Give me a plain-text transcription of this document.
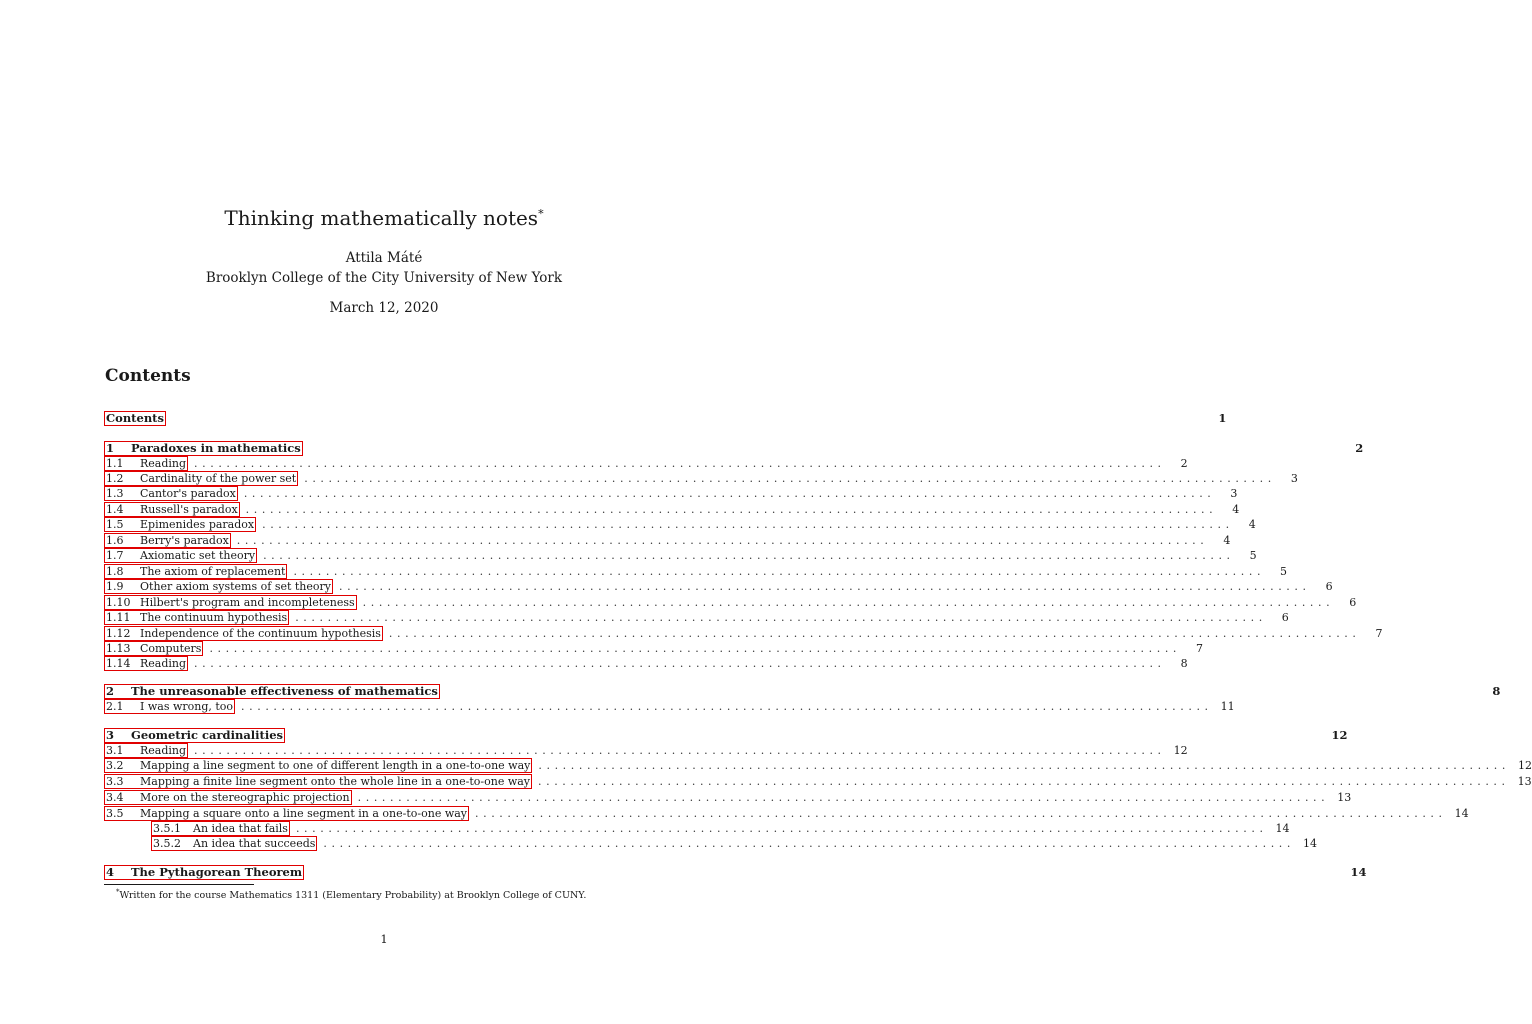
Thinking mathematically notes*
Attila Máté
Brooklyn College of the City University of New York
March 12, 2020
Contents
Contents	1
1	Paradoxes in mathematics	2
1.1	Reading ........................................................................................................................	2
1.2	Cardinality of the power set ........................................................................................................................	3
1.3	Cantor's paradox ........................................................................................................................	3
1.4	Russell's paradox ........................................................................................................................	4
1.5	Epimenides paradox ........................................................................................................................	4
1.6	Berry's paradox ........................................................................................................................	4
1.7	Axiomatic set theory ........................................................................................................................	5
1.8	The axiom of replacement ........................................................................................................................	5
1.9	Other axiom systems of set theory ........................................................................................................................	6
1.10 Hilbert's program and incompleteness ........................................................................................................................	6
1.11 The continuum hypothesis ........................................................................................................................	6
1.12 Independence of the continuum hypothesis ........................................................................................................................	7
1.13 Computers ........................................................................................................................	7
1.14 Reading ........................................................................................................................	8
2	The unreasonable effectiveness of mathematics	8
2.1	I was wrong, too ........................................................................................................................ 11
3	Geometric cardinalities	12
3.1	Reading ........................................................................................................................ 12
3.2	Mapping a line segment to one of different length in a one-to-one way ........................................................................................................................ 12
3.3	Mapping a finite line segment onto the whole line in a one-to-one way ........................................................................................................................ 13
3.4	More on the stereographic projection ........................................................................................................................ 13
3.5	Mapping a square onto a line segment in a one-to-one way ........................................................................................................................ 14
3.5.1	An idea that fails ........................................................................................................................ 14
3.5.2	An idea that succeeds ........................................................................................................................ 14
4	The Pythagorean Theorem	14
*Written for the course Mathematics 1311 (Elementary Probability) at Brooklyn College of CUNY.
1
